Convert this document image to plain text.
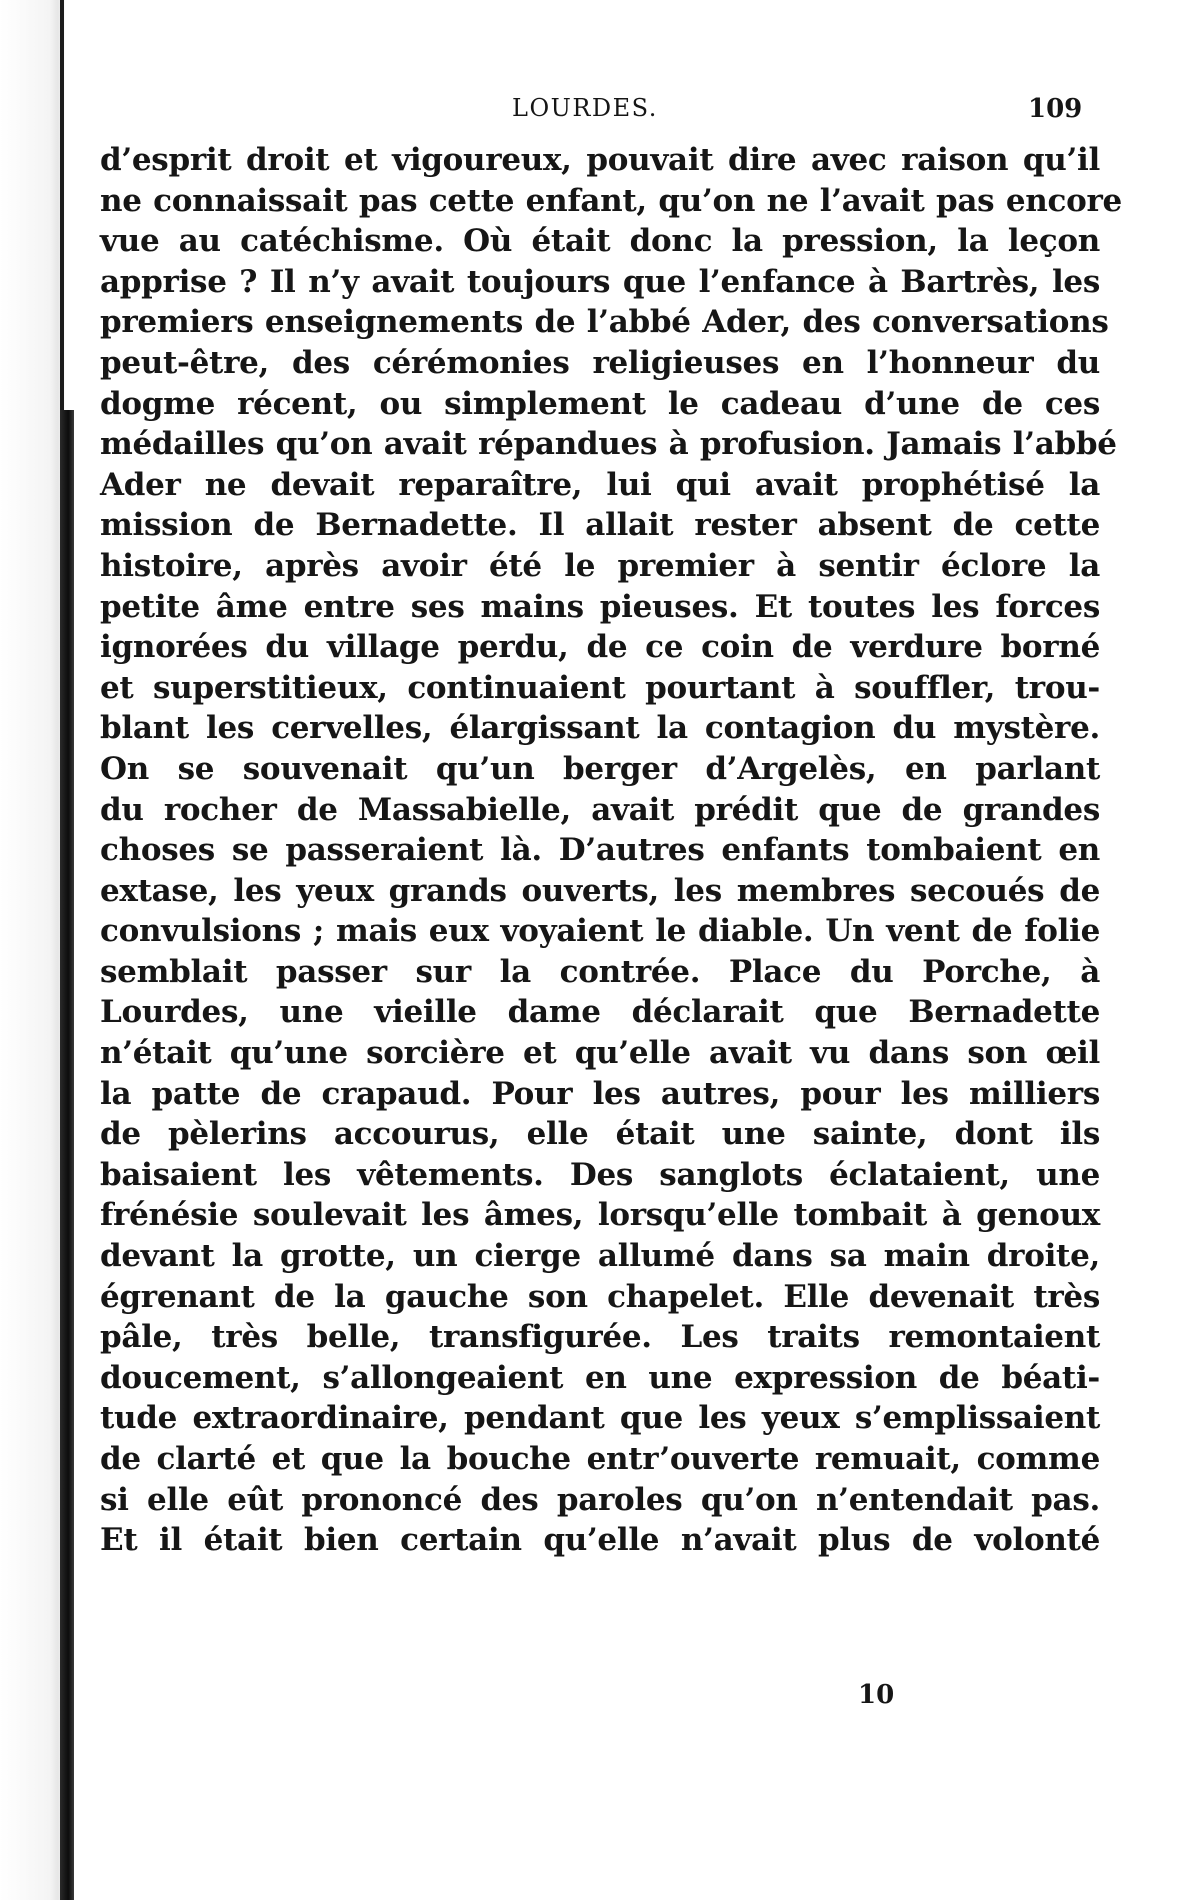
LOURDES.	109
d’esprit droit et vigoureux, pouvait dire avec raison qu’il
ne connaissait pas cette enfant, qu’on ne l’avait pas encore
vue au catéchisme. Où était donc la pression, la leçon
apprise ? Il n’y avait toujours que l’enfance à Bartrès, les
premiers enseignements de l’abbé Ader, des conversations
peut-être, des cérémonies religieuses en l’honneur du
dogme récent, ou simplement le cadeau d’une de ces
médailles qu’on avait répandues à profusion. Jamais l’abbé
Ader ne devait reparaître, lui qui avait prophétisé la
mission de Bernadette. Il allait rester absent de cette
histoire, après avoir été le premier à sentir éclore la
petite âme entre ses mains pieuses. Et toutes les forces
ignorées du village perdu, de ce coin de verdure borné
et superstitieux, continuaient pourtant à souffler, trou-
blant les cervelles, élargissant la contagion du mystère.
On se souvenait qu’un berger d’Argelès, en parlant
du rocher de Massabielle, avait prédit que de grandes
choses se passeraient là. D’autres enfants tombaient en
extase, les yeux grands ouverts, les membres secoués de
convulsions ; mais eux voyaient le diable. Un vent de folie
semblait passer sur la contrée. Place du Porche, à
Lourdes, une vieille dame déclarait que Bernadette
n’était qu’une sorcière et qu’elle avait vu dans son œil
la patte de crapaud. Pour les autres, pour les milliers
de pèlerins accourus, elle était une sainte, dont ils
baisaient les vêtements. Des sanglots éclataient, une
frénésie soulevait les âmes, lorsqu’elle tombait à genoux
devant la grotte, un cierge allumé dans sa main droite,
égrenant de la gauche son chapelet. Elle devenait très
pâle, très belle, transfigurée. Les traits remontaient
doucement, s’allongeaient en une expression de béati-
tude extraordinaire, pendant que les yeux s’emplissaient
de clarté et que la bouche entr’ouverte remuait, comme
si elle eût prononcé des paroles qu’on n’entendait pas.
Et il était bien certain qu’elle n’avait plus de volonté
10
